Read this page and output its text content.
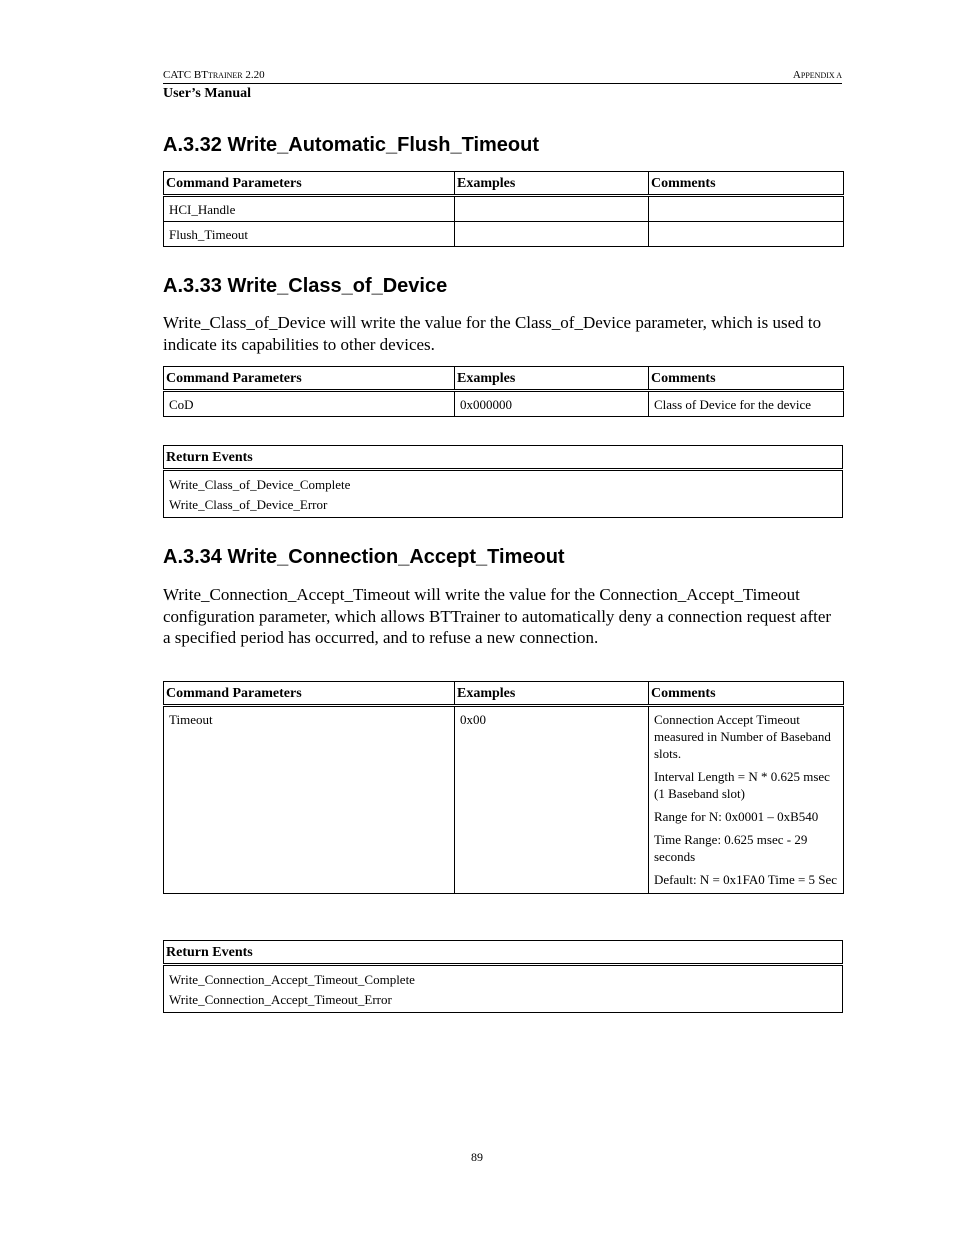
CATC BTTRAINER 2.20	APPENDIX A
User’s Manual
A.3.32 Write_Automatic_Flush_Timeout
Command Parameters	Examples	Comments
HCI_Handle		
Flush_Timeout		
A.3.33 Write_Class_of_Device

Write_Class_of_Device will write the value for the Class_of_Device parameter, which is used to indicate its capabilities to other devices.

Command Parameters	Examples	Comments
CoD	0x000000	Class of Device for the device
Return Events
Write_Class_of_Device_Complete
Write_Class_of_Device_Error
A.3.34 Write_Connection_Accept_Timeout

Write_Connection_Accept_Timeout will write the value for the Connection_Accept_Timeout configuration parameter, which allows BTTrainer to automatically deny a connection request after a specified period has occurred, and to refuse a new connection.

Command Parameters	Examples	Comments
Timeout	0x00	Connection Accept Timeout measured in Number of Baseband slots.

Interval Length = N * 0.625 msec (1 Baseband slot)

Range for N: 0x0001 – 0xB540

Time Range: 0.625 msec - 29 seconds

Default: N = 0x1FA0 Time = 5 Sec

Return Events
Write_Connection_Accept_Timeout_Complete
Write_Connection_Accept_Timeout_Error
89
